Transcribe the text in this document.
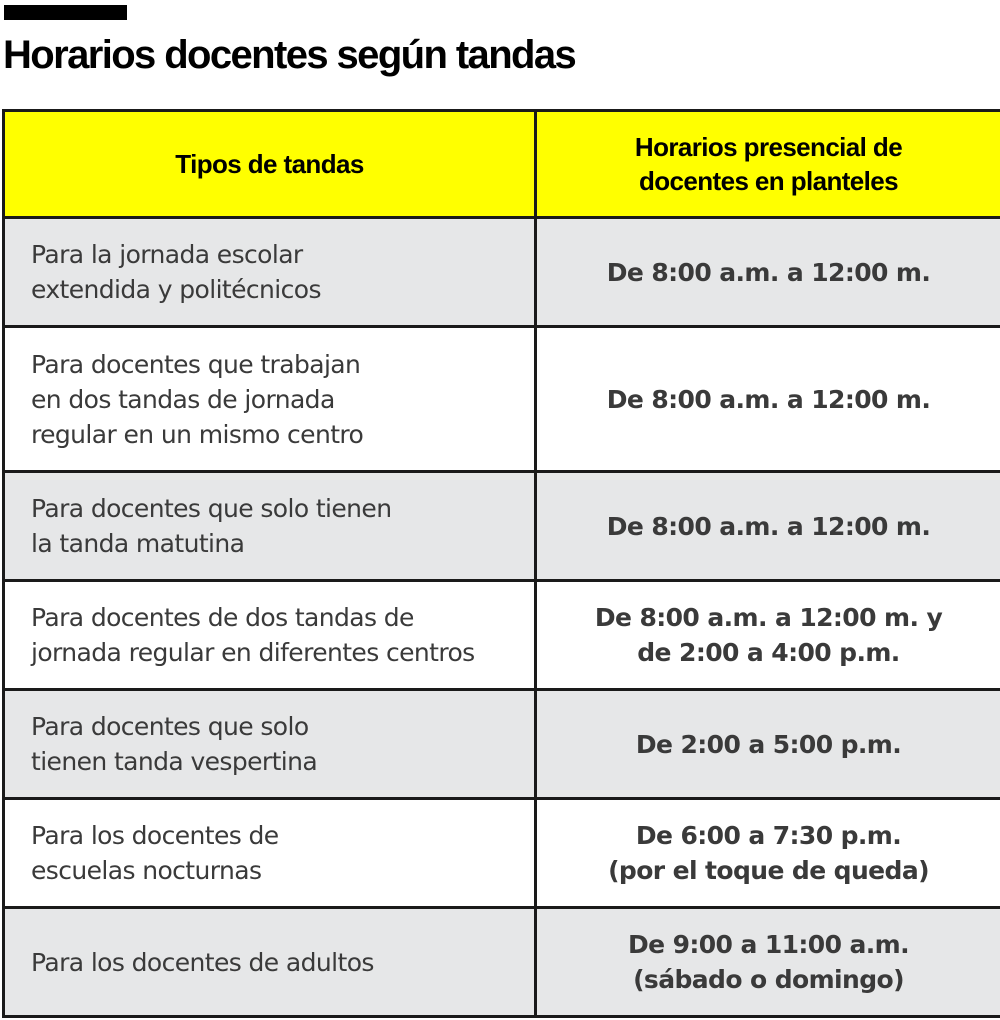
Horarios docentes según tandas
Tipos de tandas	Horarios presencial de
docentes en planteles

Para la jornada escolar
extendida y politécnicos	De 8:00 a.m. a 12:00 m.

Para docentes que trabajan
en dos tandas de jornada
regular en un mismo centro	De 8:00 a.m. a 12:00 m.

Para docentes que solo tienen
la tanda matutina	De 8:00 a.m. a 12:00 m.

Para docentes de dos tandas de
jornada regular en diferentes centros	De 8:00 a.m. a 12:00 m. y
de 2:00 a 4:00 p.m.

Para docentes que solo
tienen tanda vespertina	De 2:00 a 5:00 p.m.

Para los docentes de
escuelas nocturnas	De 6:00 a 7:30 p.m.
(por el toque de queda)

Para los docentes de adultos	De 9:00 a 11:00 a.m.
(sábado o domingo)
